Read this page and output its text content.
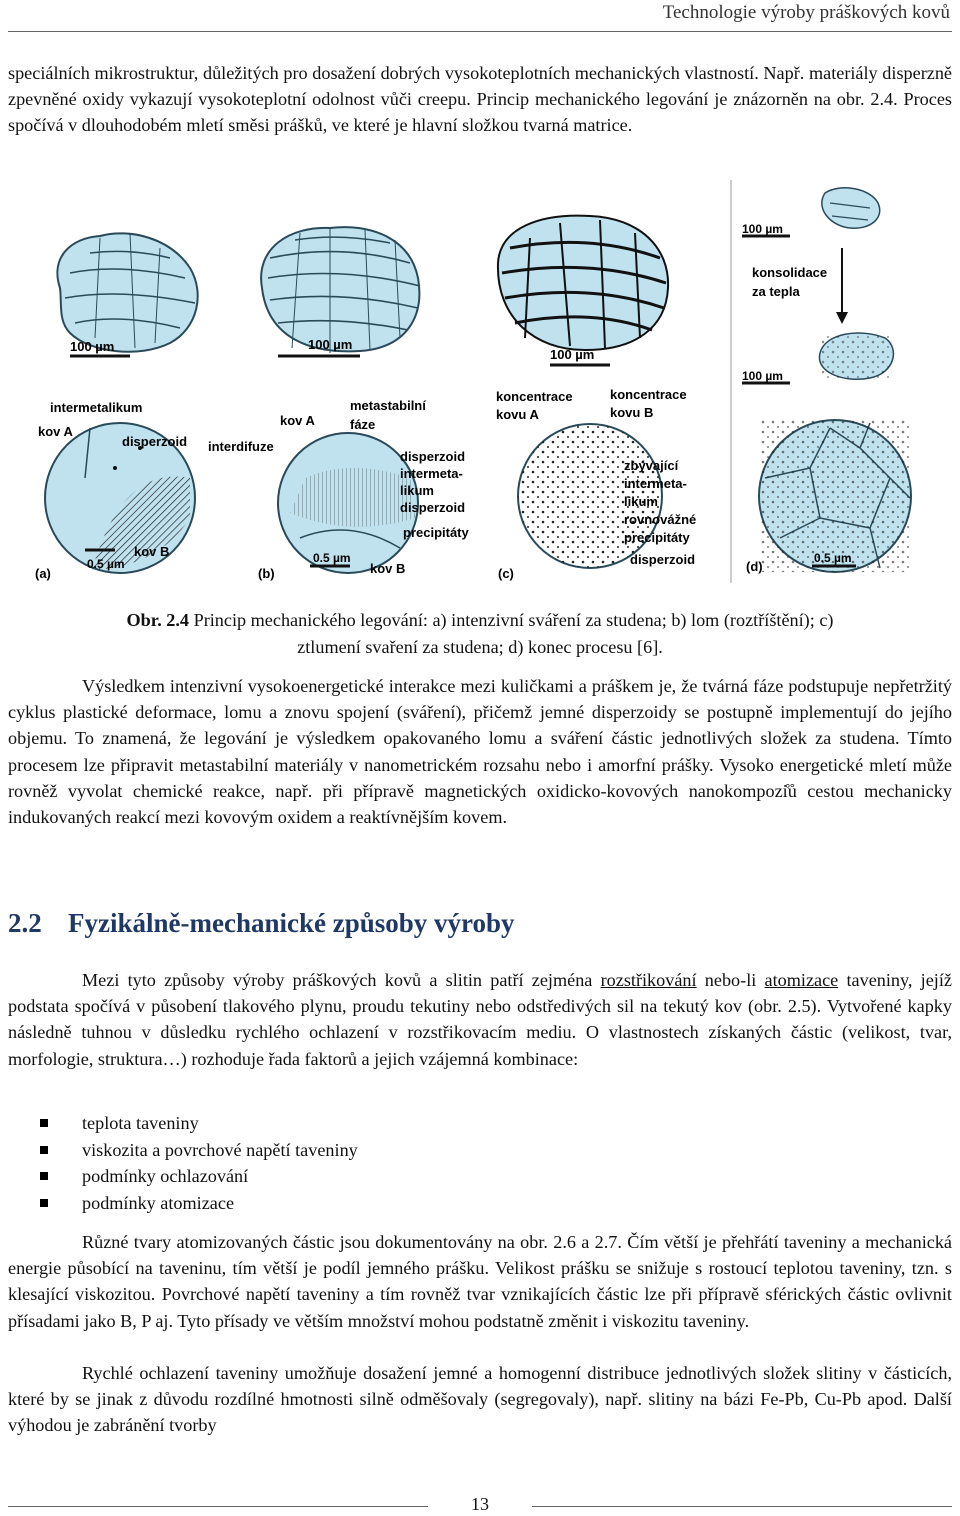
Technologie výroby práškových kovů

speciálních mikrostruktur, důležitých pro dosažení dobrých vysokoteplotních mechanických vlastností. Např. materiály disperzně zpevněné oxidy vykazují vysokoteplotní odolnost vůči creepu. Princip mechanického legování je znázorněn na obr. 2.4. Proces spočívá v dlouhodobém mletí směsi prášků, ve které je hlavní složkou tvarná matrice.

100 µm	100 µm
100 µm
100 µm
konsolidace
za tepla
100 µm
intermetalikum
kov A
disperzoid
kov B
(a)
0.5 µm
metastabilní
fáze
kov A
interdifuze
disperzoid
intermeta-
likum
disperzoid
precipitáty
kov B
(b)
0.5 µm
koncentrace
kovu A
koncentrace
kovu B
zbývající
intermeta-
likum
rovnovážné
precipitáty
disperzoid
(c)	(d)
0.5 µm
Obr. 2.4 Princip mechanického legování: a) intenzivní sváření za studena; b) lom (roztříštění); c)
ztlumení svaření za studena; d) konec procesu [6].

Výsledkem intenzivní vysokoenergetické interakce mezi kuličkami a práškem je, že tvárná fáze podstupuje nepřetržitý cyklus plastické deformace, lomu a znovu spojení (sváření), přičemž jemné disperzoidy se postupně implementují do jejího objemu. To znamená, že legování je výsledkem opakovaného lomu a sváření částic jednotlivých složek za studena. Tímto procesem lze připravit metastabilní materiály v nanometrickém rozsahu nebo i amorfní prášky. Vysoko energetické mletí může rovněž vyvolat chemické reakce, např. při přípravě magnetických oxidicko-kovových nanokompozi̊ů cestou mechanicky indukovaných reakcí mezi kovovým oxidem a reaktívnějším kovem.

2.2 Fyzikálně-mechanické způsoby výroby

Mezi tyto způsoby výroby práškových kovů a slitin patří zejména rozstřikování nebo-li atomizace taveniny, jejíž podstata spočívá v působení tlakového plynu, proudu tekutiny nebo odstředivých sil na tekutý kov (obr. 2.5). Vytvořené kapky následně tuhnou v důsledku rychlého ochlazení v rozstřikovacím mediu. O vlastnostech získaných částic (velikost, tvar, morfologie, struktura…) rozhoduje řada faktorů a jejich vzájemná kombinace:

teplota taveniny
viskozita a povrchové napětí taveniny
podmínky ochlazování
podmínky atomizace

Různé tvary atomizovaných částic jsou dokumentovány na obr. 2.6 a 2.7. Čím větší je přehřátí taveniny a mechanická energie působící na taveninu, tím větší je podíl jemného prášku. Velikost prášku se snižuje s rostoucí teplotou taveniny, tzn. s klesající viskozitou. Povrchové napětí taveniny a tím rovněž tvar vznikajících částic lze při přípravě sférických částic ovlivnit přísadami jako B, P aj. Tyto přísady ve větším množství mohou podstatně změnit i viskozitu taveniny.

Rychlé ochlazení taveniny umožňuje dosažení jemné a homogenní distribuce jednotlivých složek slitiny v částicích, které by se jinak z důvodu rozdílné hmotnosti silně odměšovaly (segregovaly), např. slitiny na bázi Fe-Pb, Cu-Pb apod. Další výhodou je zabránění tvorby

13
